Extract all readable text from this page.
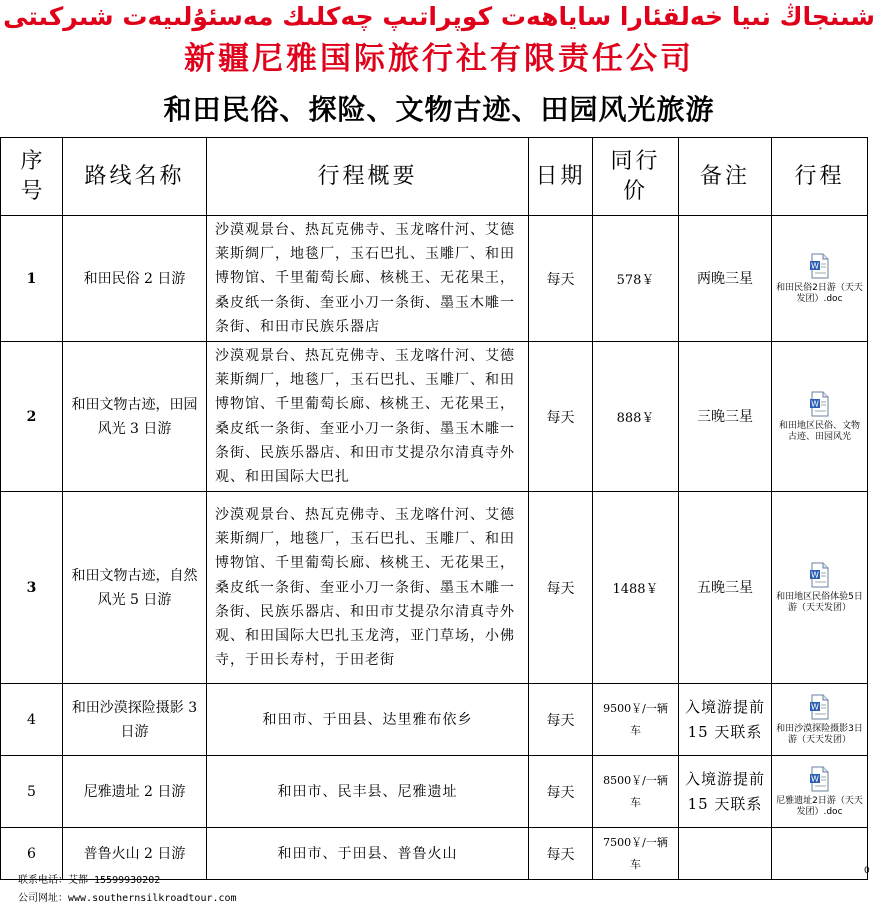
شىنجاڭ نىيا خەلقئارا ساياھەت كوپراتىپ چەكلىك مەسئۇلىيەت شىركىتى
新疆尼雅国际旅行社有限责任公司
和田民俗、探险、文物古迹、田园风光旅游
序号	路线名称	行程概要	日期	同行价	备注	行程
1	和田民俗 2 日游	沙漠观景台、热瓦克佛寺、玉龙喀什河、艾德莱斯绸厂，地毯厂，玉石巴扎、玉雕厂、和田博物馆、千里葡萄长廊、核桃王、无花果王，桑皮纸一条街、奎亚小刀一条街、墨玉木雕一条街、和田市民族乐器店	每天	578￥	两晚三星	W
和田民俗2日游（天天发团）.doc

2	和田文物古迹，田园风光 3 日游	沙漠观景台、热瓦克佛寺、玉龙喀什河、艾德莱斯绸厂，地毯厂，玉石巴扎、玉雕厂、和田博物馆、千里葡萄长廊、核桃王、无花果王，桑皮纸一条街、奎亚小刀一条街、墨玉木雕一条街、民族乐器店、和田市艾提尕尔清真寺外观、和田国际大巴扎	每天	888￥	三晚三星	W
和田地区民俗、文物古迹、田园风光

3	和田文物古迹，自然风光 5 日游	沙漠观景台、热瓦克佛寺、玉龙喀什河、艾德莱斯绸厂，地毯厂，玉石巴扎、玉雕厂、和田博物馆、千里葡萄长廊、核桃王、无花果王，桑皮纸一条街、奎亚小刀一条街、墨玉木雕一条街、民族乐器店、和田市艾提尕尔清真寺外观、和田国际大巴扎玉龙湾，亚门草场，小佛寺，于田长寿村，于田老街	每天	1488￥	五晚三星	W
和田地区民俗体验5日游（天天发团）

4	和田沙漠探险摄影 3 日游	和田市、于田县、达里雅布依乡	每天	9500￥/一辆车	入境游提前 15 天联系	W
和田沙漠探险摄影3日游（天天发团）

5	尼雅遗址 2 日游	和田市、民丰县、尼雅遗址	每天	8500￥/一辆车	入境游提前 15 天联系	W
尼雅遗址2日游（天天发团）.doc

6	普鲁火山 2 日游	和田市、于田县、普鲁火山	每天	7500￥/一辆车		

联系电话：艾都 15599930202
公司网址：www.southernsilkroadtour.com
0
